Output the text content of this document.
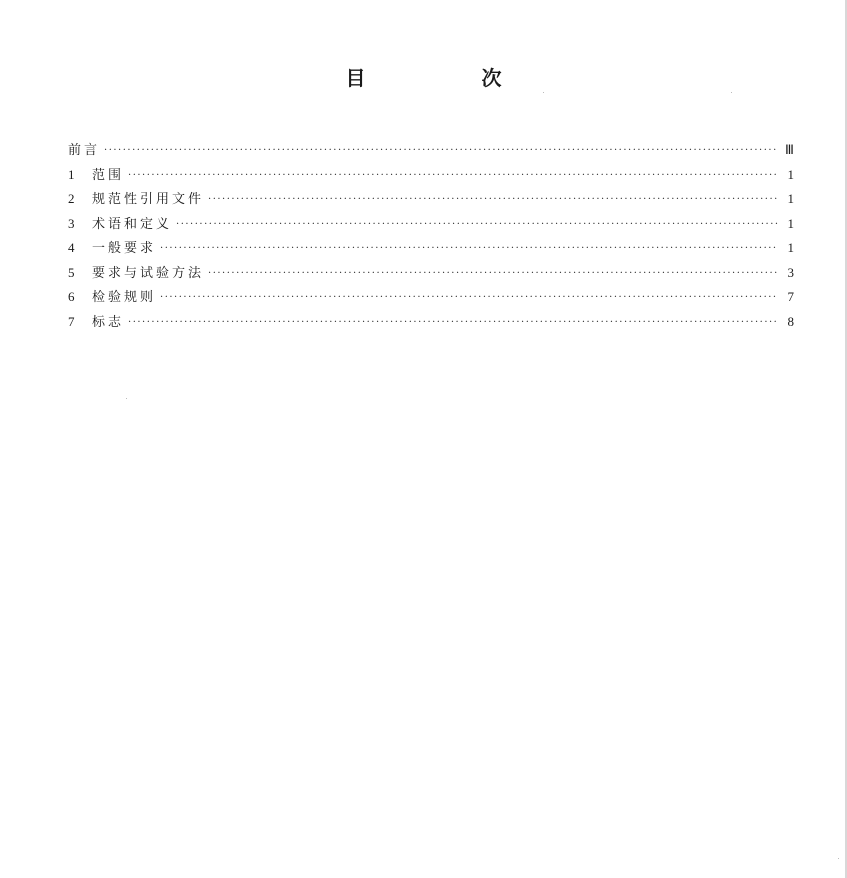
目　次
前言 ·····	Ⅲ
1	范围 ·····	1
2	规范性引用文件 ·····	1
3	术语和定义 ·····	1
4	一般要求 ·····	1
5	要求与试验方法 ·····	3
6	检验规则 ·····	7
7	标志 ·····	8
